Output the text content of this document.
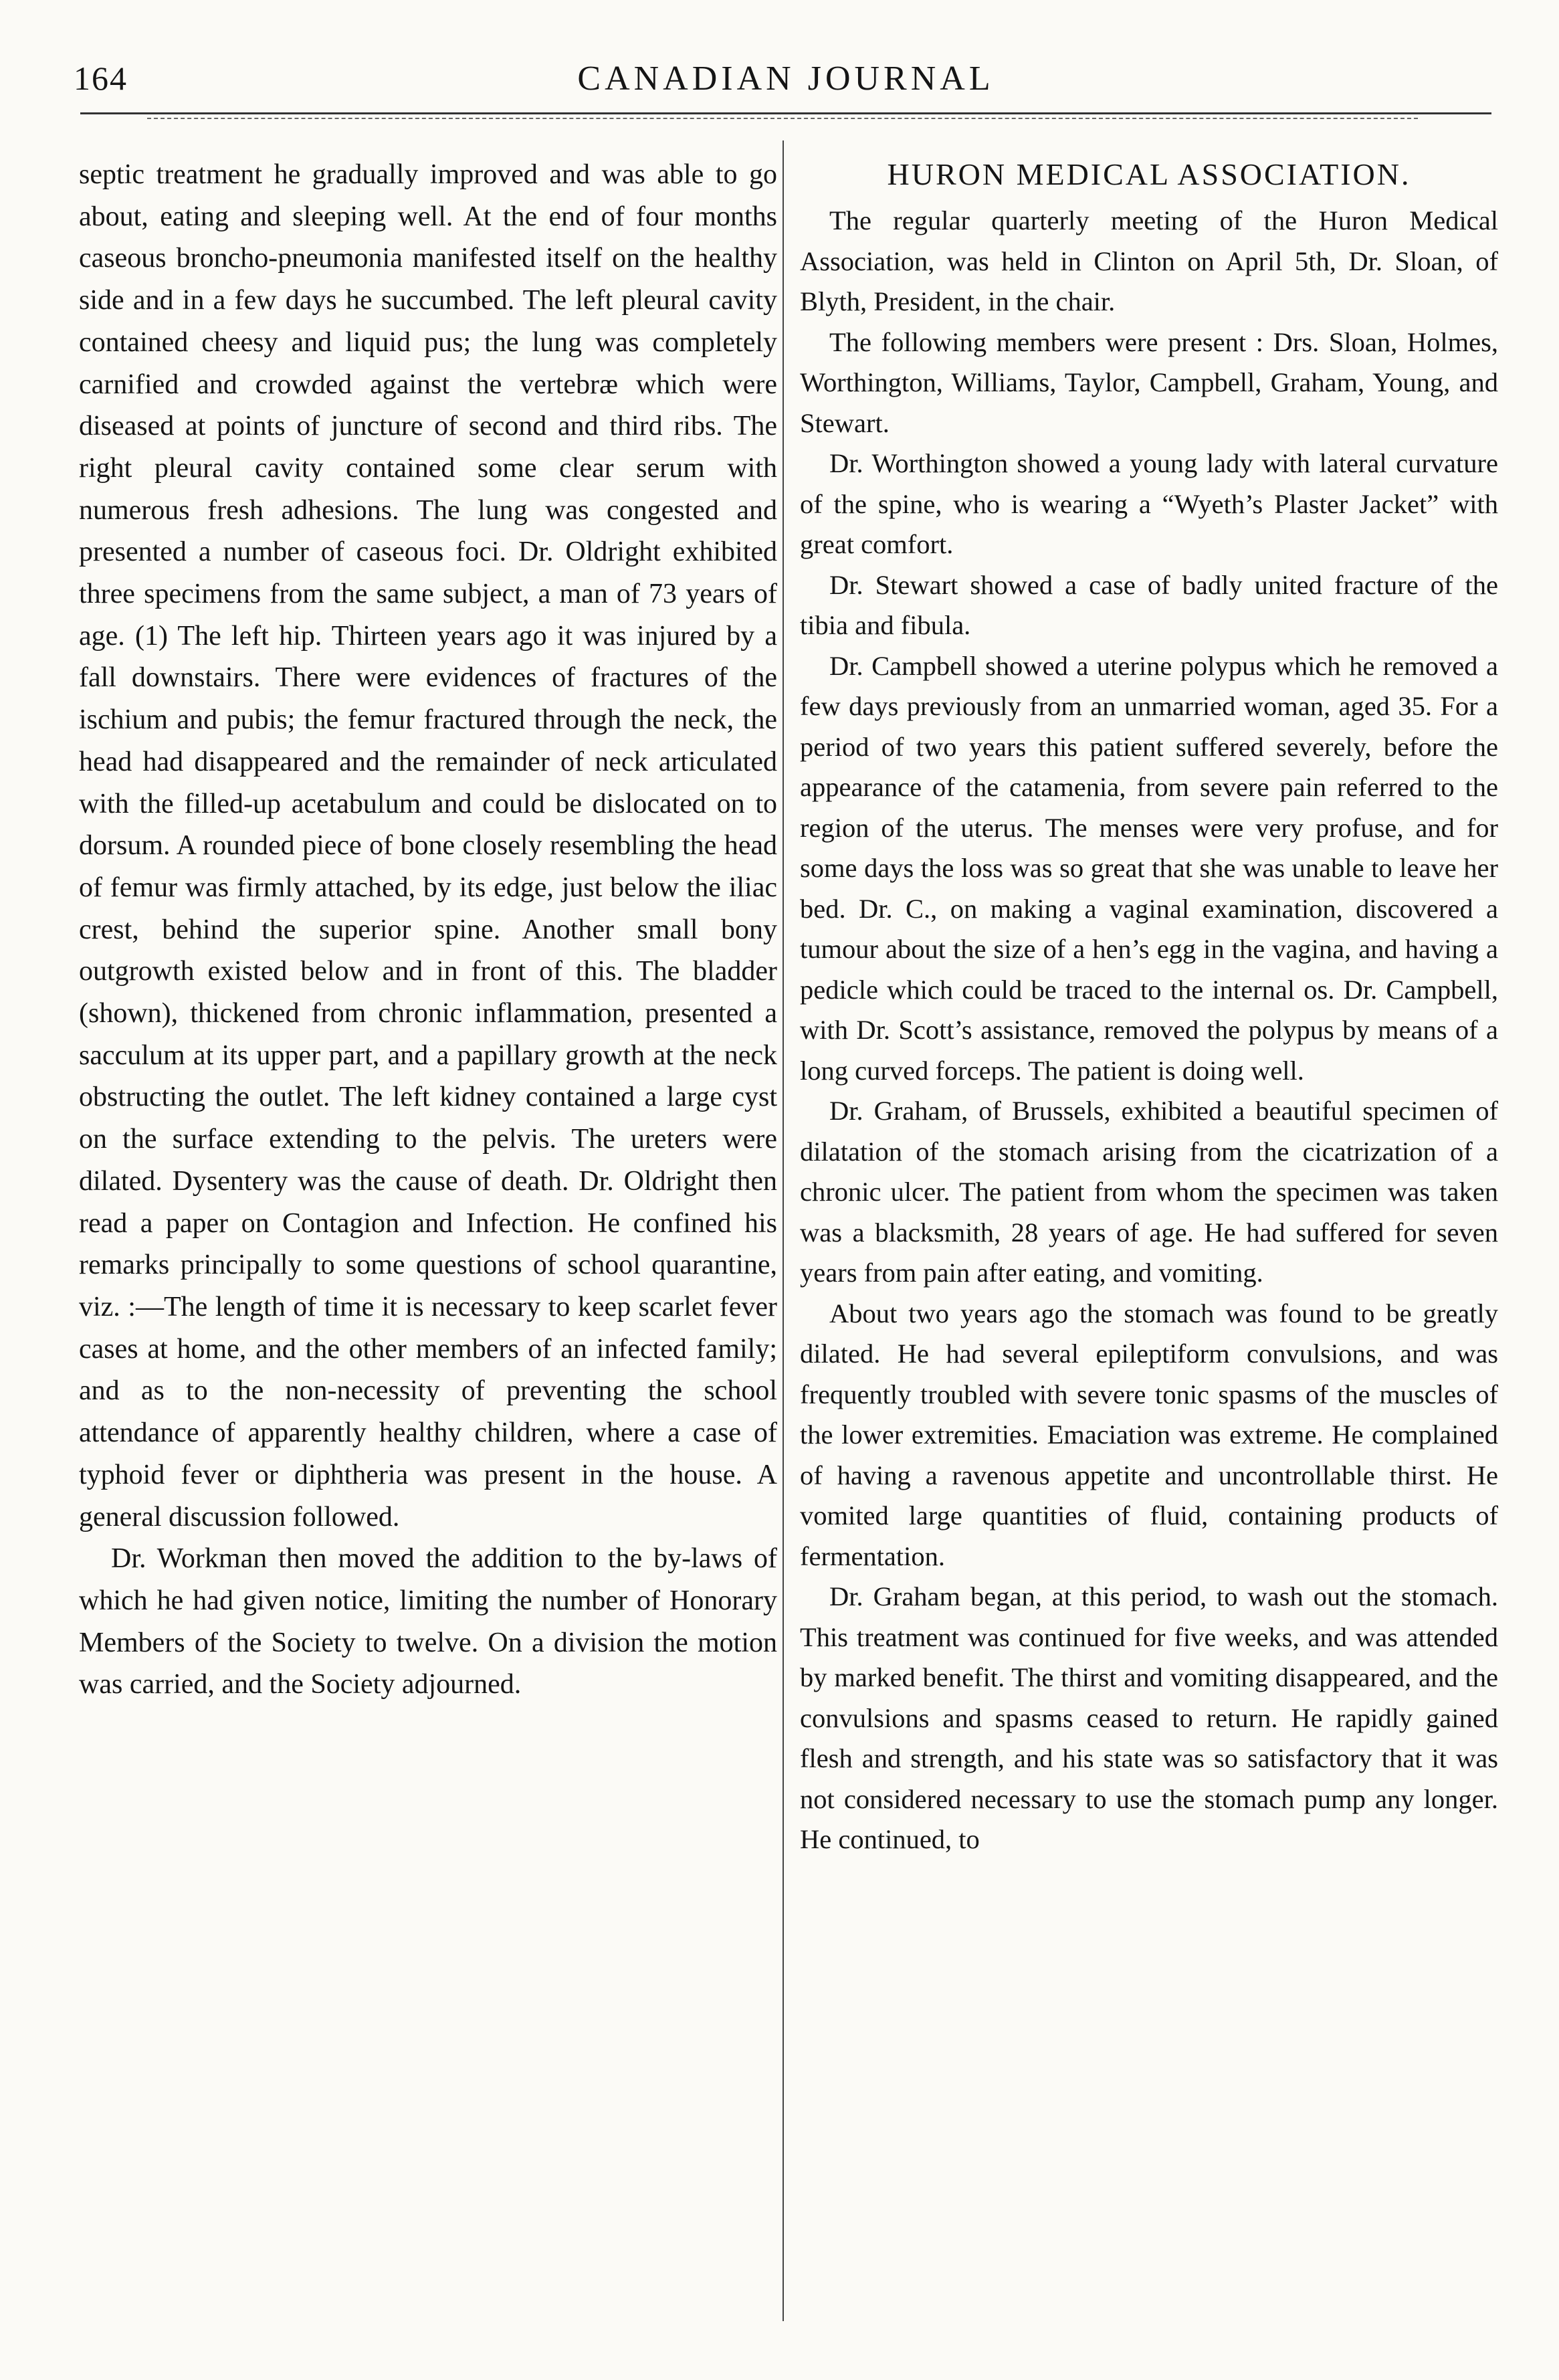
164	CANADIAN JOURNAL

septic treatment he gradually improved and was able to go about, eating and sleeping well. At the end of four months caseous broncho-pneumonia manifested itself on the healthy side and in a few days he succumbed. The left pleural cavity contained cheesy and liquid pus; the lung was completely carnified and crowded against the vertebræ which were diseased at points of juncture of second and third ribs. The right pleural cavity contained some clear serum with numerous fresh adhesions. The lung was congested and presented a number of caseous foci. Dr. Oldright exhibited three specimens from the same subject, a man of 73 years of age. (1) The left hip. Thirteen years ago it was injured by a fall downstairs. There were evidences of fractures of the ischium and pubis; the femur fractured through the neck, the head had disappeared and the remainder of neck articulated with the filled-up acetabulum and could be dislocated on to dorsum. A rounded piece of bone closely resembling the head of femur was firmly attached, by its edge, just below the iliac crest, behind the superior spine. Another small bony outgrowth existed below and in front of this. The bladder (shown), thickened from chronic inflammation, presented a sacculum at its upper part, and a papillary growth at the neck obstructing the outlet. The left kidney contained a large cyst on the surface extending to the pelvis. The ureters were dilated. Dysentery was the cause of death. Dr. Oldright then read a paper on Contagion and Infection. He confined his remarks principally to some questions of school quarantine, viz. :—The length of time it is necessary to keep scarlet fever cases at home, and the other members of an infected family; and as to the non-necessity of preventing the school attendance of apparently healthy children, where a case of typhoid fever or diphtheria was present in the house. A general discussion followed.

Dr. Workman then moved the addition to the by-laws of which he had given notice, limiting the number of Honorary Members of the Society to twelve. On a division the motion was carried, and the Society adjourned.

HURON MEDICAL ASSOCIATION.

The regular quarterly meeting of the Huron Medical Association, was held in Clinton on April 5th, Dr. Sloan, of Blyth, President, in the chair.

The following members were present : Drs. Sloan, Holmes, Worthington, Williams, Taylor, Campbell, Graham, Young, and Stewart.

Dr. Worthington showed a young lady with lateral curvature of the spine, who is wearing a “Wyeth’s Plaster Jacket” with great comfort.

Dr. Stewart showed a case of badly united fracture of the tibia and fibula.

Dr. Campbell showed a uterine polypus which he removed a few days previously from an unmarried woman, aged 35. For a period of two years this patient suffered severely, before the appearance of the catamenia, from severe pain referred to the region of the uterus. The menses were very profuse, and for some days the loss was so great that she was unable to leave her bed. Dr. C., on making a vaginal examination, discovered a tumour about the size of a hen’s egg in the vagina, and having a pedicle which could be traced to the internal os. Dr. Campbell, with Dr. Scott’s assistance, removed the polypus by means of a long curved forceps. The patient is doing well.

Dr. Graham, of Brussels, exhibited a beautiful specimen of dilatation of the stomach arising from the cicatrization of a chronic ulcer. The patient from whom the specimen was taken was a blacksmith, 28 years of age. He had suffered for seven years from pain after eating, and vomiting.

About two years ago the stomach was found to be greatly dilated. He had several epileptiform convulsions, and was frequently troubled with severe tonic spasms of the muscles of the lower extremities. Emaciation was extreme. He complained of having a ravenous appetite and uncontrollable thirst. He vomited large quantities of fluid, containing products of fermentation.

Dr. Graham began, at this period, to wash out the stomach. This treatment was continued for five weeks, and was attended by marked benefit. The thirst and vomiting disappeared, and the convulsions and spasms ceased to return. He rapidly gained flesh and strength, and his state was so satisfactory that it was not considered necessary to use the stomach pump any longer. He continued, to
